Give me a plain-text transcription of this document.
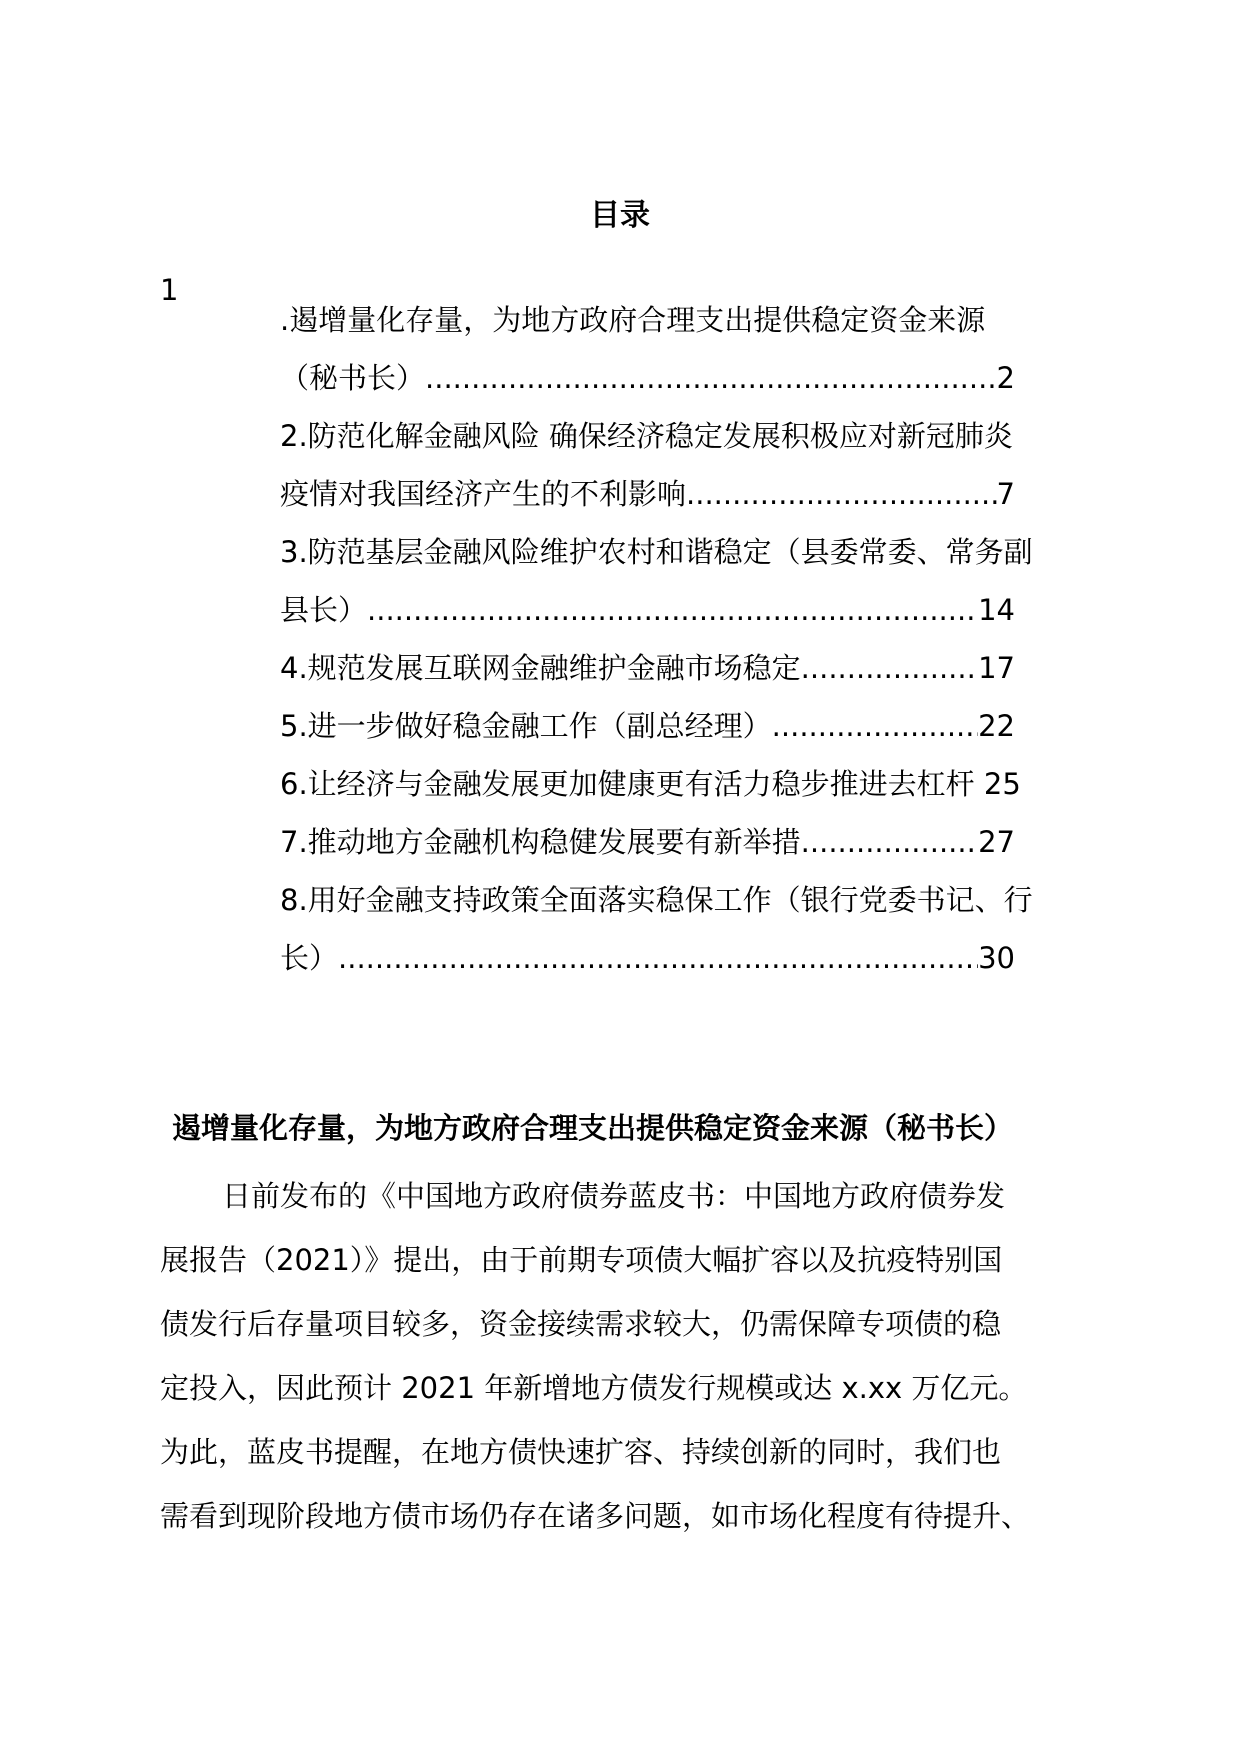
目录
1
.遏增量化存量，为地方政府合理支出提供稳定资金来源
（秘书长） .....	2
2.防范化解金融风险 确保经济稳定发展积极应对新冠肺炎
疫情对我国经济产生的不利影响 .....	7
3.防范基层金融风险维护农村和谐稳定（县委常委、常务副
县长） .....	14
4.规范发展互联网金融维护金融市场稳定 .....	17
5.进一步做好稳金融工作（副总经理） .....	22
6.让经济与金融发展更加健康更有活力稳步推进去杠杆 25
7.推动地方金融机构稳健发展要有新举措 .....	27
8.用好金融支持政策全面落实稳保工作（银行党委书记、行
长） .....	30
遏增量化存量，为地方政府合理支出提供稳定资金来源（秘书长）
日前发布的《中国地方政府债券蓝皮书：中国地方政府债券发
展报告（2021）》提出，由于前期专项债大幅扩容以及抗疫特别国
债发行后存量项目较多，资金接续需求较大，仍需保障专项债的稳
定投入，因此预计 2021 年新增地方债发行规模或达 x.xx 万亿元。
为此，蓝皮书提醒，在地方债快速扩容、持续创新的同时，我们也
需看到现阶段地方债市场仍存在诸多问题，如市场化程度有待提升、
